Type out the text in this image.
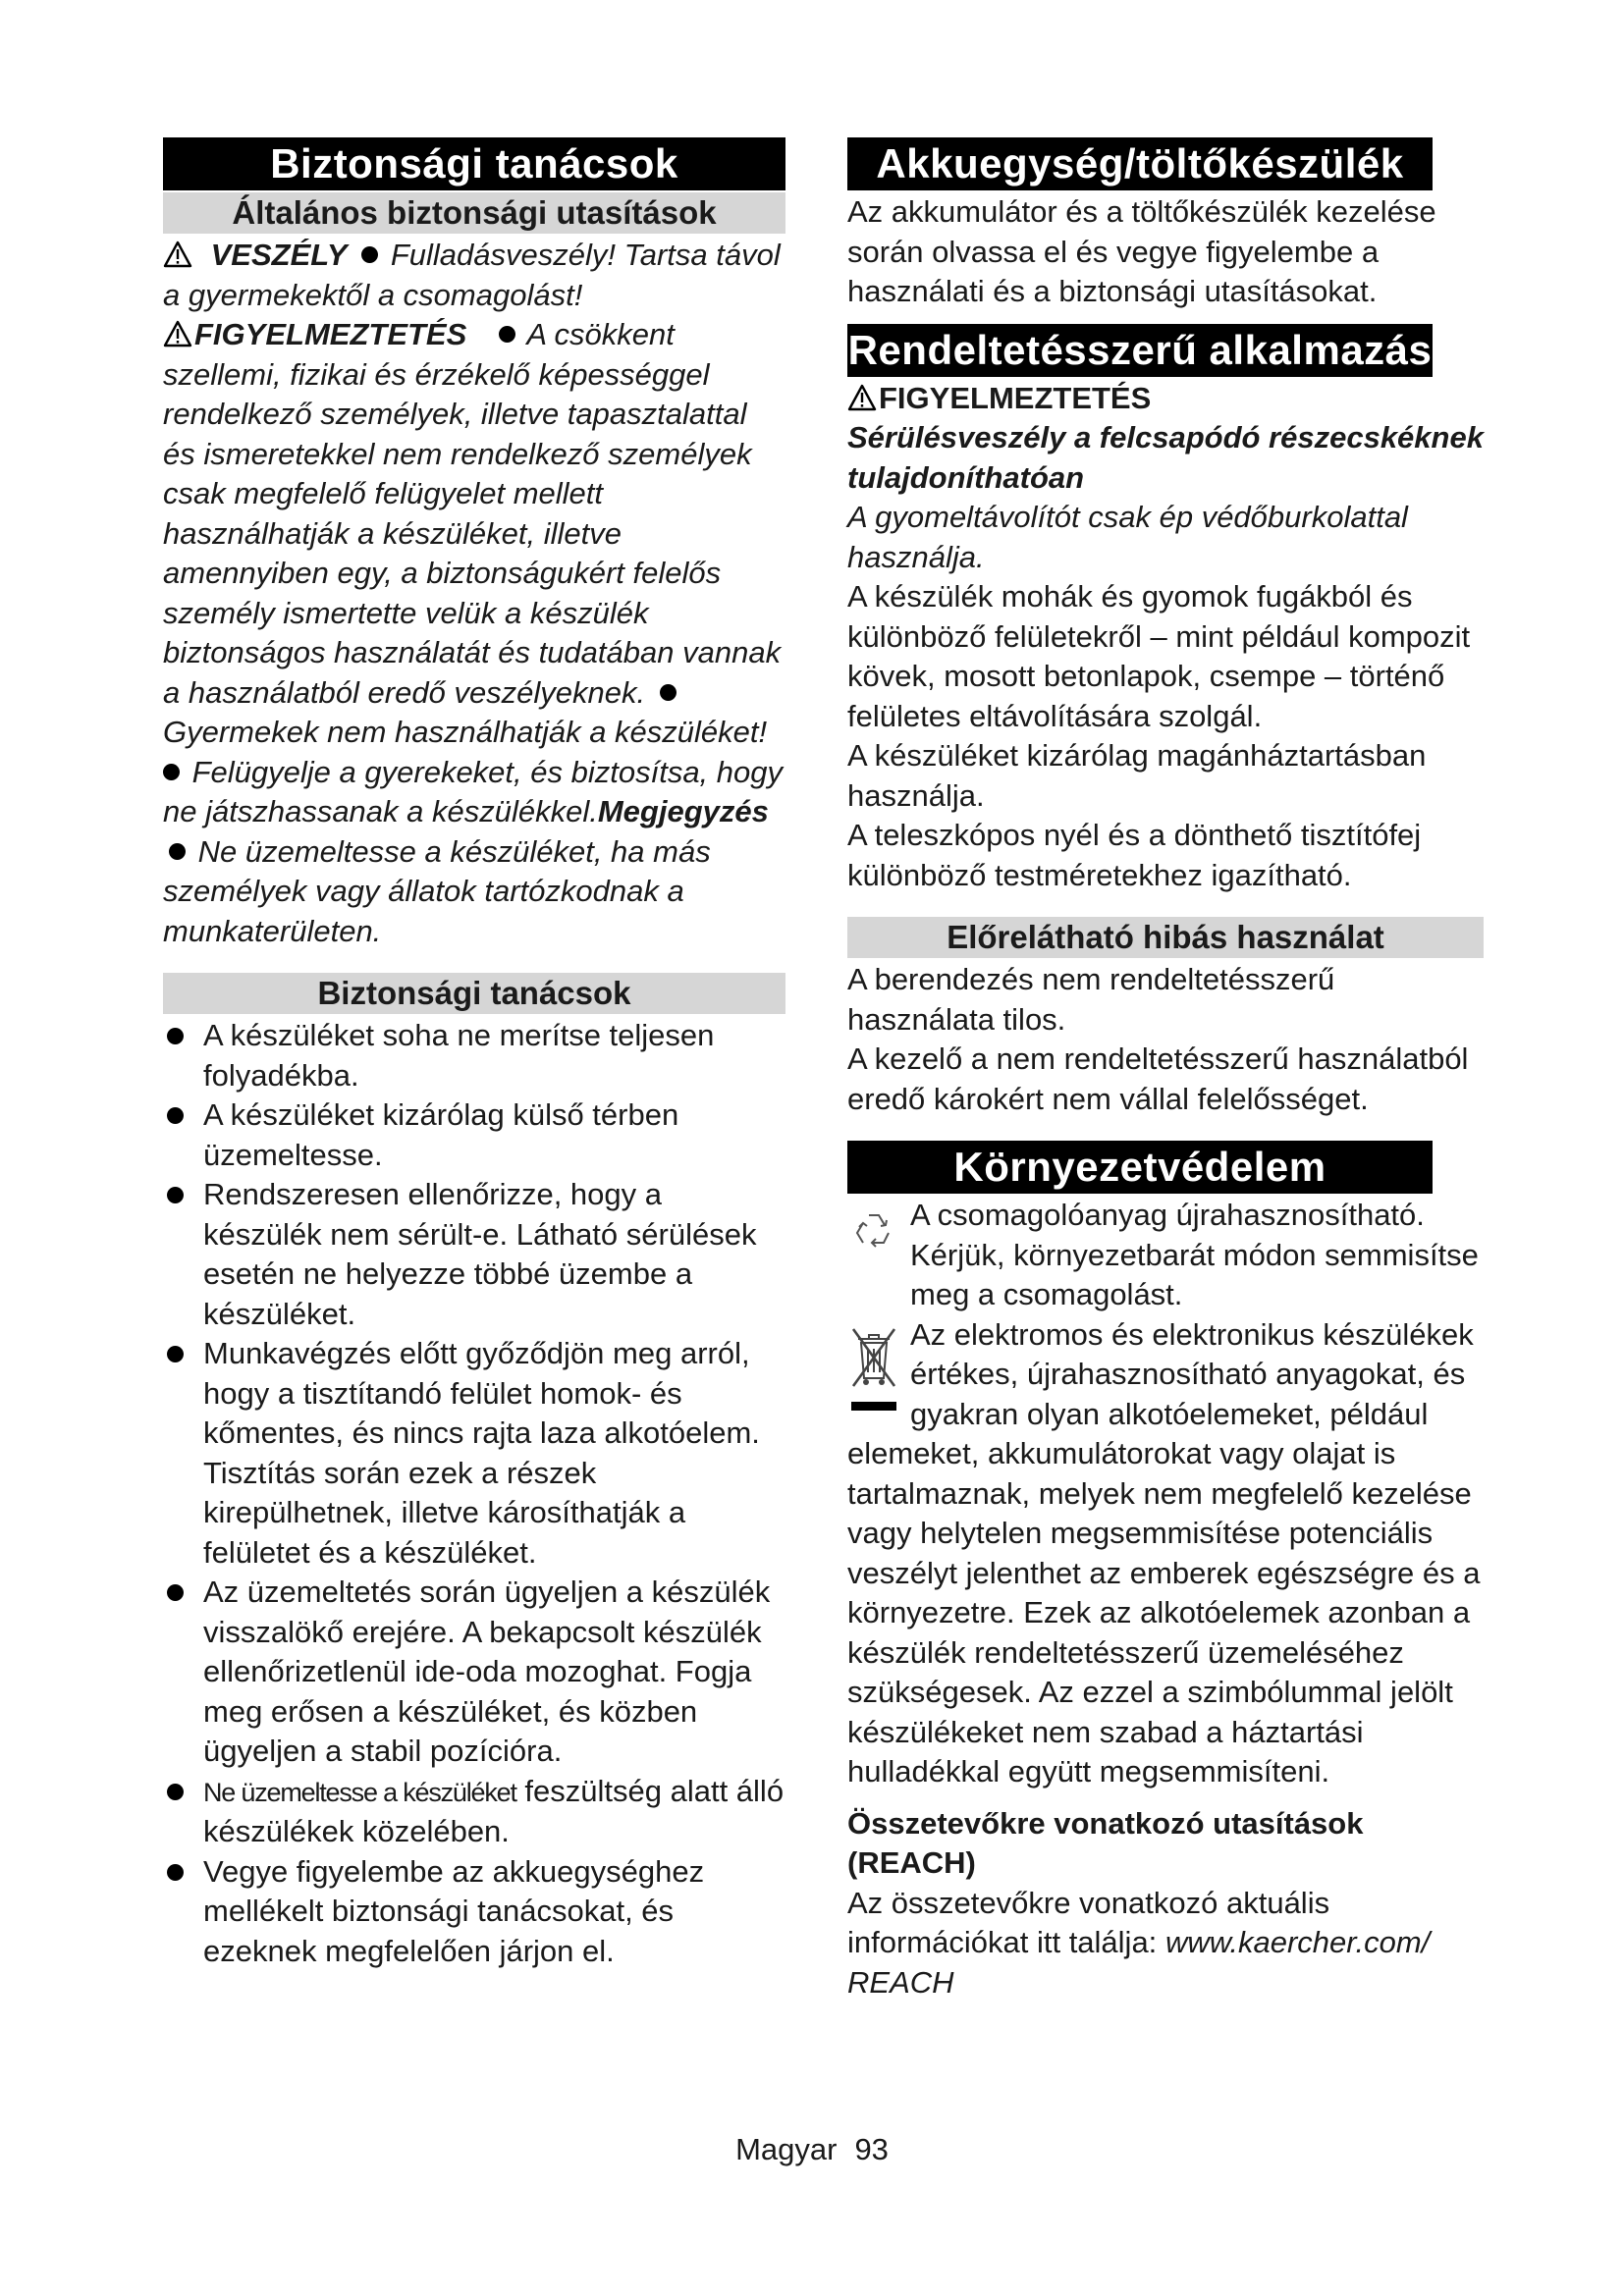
Biztonsági tanácsok
Általános biztonsági utasítások

VESZÉLY Fulladásveszély! Tartsa távol a gyermekektől a csomagolást!

FIGYELMEZTETÉS A csökkent szellemi, fizikai és érzékelő képességgel rendelkező személyek, illetve tapasztalattal és ismeretekkel nem rendelkező személyek csak megfelelő felügyelet mellett használhatják a készüléket, illetve amennyiben egy, a biztonságukért felelős személy ismertette velük a készülék biztonságos használatát és tudatában vannak a használatból eredő veszélyeknek.  Gyermekek nem használhatják a készüléket!

Felügyelje a gyerekeket, és biztosítsa, hogy ne játszhassanak a készülékkel.Megjegyzés  Ne üzemeltesse a készüléket, ha más személyek vagy állatok tartózkodnak a munkaterületen.

Biztonsági tanácsok
A készüléket soha ne merítse teljesen folyadékba.
A készüléket kizárólag külső térben üzemeltesse.
Rendszeresen ellenőrizze, hogy a készülék nem sérült-e. Látható sérülések esetén ne helyezze többé üzembe a készüléket.
Munkavégzés előtt győződjön meg arról, hogy a tisztítandó felület homok- és kőmentes, és nincs rajta laza alkotóelem. Tisztítás során ezek a részek kirepülhetnek, illetve károsíthatják a felületet és a készüléket.
Az üzemeltetés során ügyeljen a készülék visszalökő erejére. A bekapcsolt készülék ellenőrizetlenül ide-oda mozoghat. Fogja meg erősen a készüléket, és közben ügyeljen a stabil pozícióra.
Ne üzemeltesse a készüléket feszültség alatt álló készülékek közelében.
Vegye figyelembe az akkuegységhez mellékelt biztonsági tanácsokat, és ezeknek megfelelően járjon el.
Akkuegység/töltőkészülék

Az akkumulátor és a töltőkészülék kezelése során olvassa el és vegye figyelembe a használati és a biztonsági utasításokat.

Rendeltetésszerű alkalmazás

FIGYELMEZTETÉS

Sérülésveszély a felcsapódó részecskéknek tulajdoníthatóan

A gyomeltávolítót csak ép védőburkolattal használja.

A készülék mohák és gyomok fugákból és különböző felületekről – mint például kompozit kövek, mosott betonlapok, csempe – történő felületes eltávolítására szolgál.

A készüléket kizárólag magánháztartásban használja.

A teleszkópos nyél és a dönthető tisztítófej különböző testméretekhez igazítható.

Előrelátható hibás használat

A berendezés nem rendeltetésszerű használata tilos.

A kezelő a nem rendeltetésszerű használatból eredő károkért nem vállal felelősséget.

Környezetvédelem

A csomagolóanyag újrahasznosítható. Kérjük, környezetbarát módon semmisítse meg a csomagolást.

Az elektromos és elektronikus készülékek értékes, újrahasznosítható anyagokat, és gyakran olyan alkotóelemeket, például elemeket, akkumulátorokat vagy olajat is tartalmaznak, melyek nem megfelelő kezelése vagy helytelen megsemmisítése potenciális veszélyt jelenthet az emberek egészségre és a környezetre. Ezek az alkotóelemek azonban a készülék rendeltetésszerű üzemeléséhez szükségesek. Az ezzel a szimbólummal jelölt készülékeket nem szabad a háztartási hulladékkal együtt megsemmisíteni.

Összetevőkre vonatkozó utasítások (REACH)

Az összetevőkre vonatkozó aktuális információkat itt találja: www.kaercher.com/ REACH

Magyar 93
